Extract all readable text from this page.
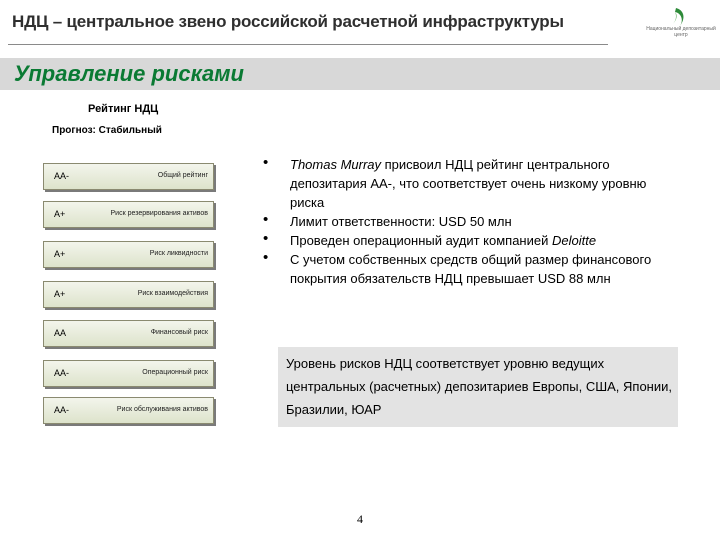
НДЦ – центральное звено российской расчетной инфраструктуры	Национальный депозитарный центр
Управление рисками
Рейтинг НДЦ
Прогноз: Стабильный
AA-	Общий рейтинг
A+	Риск резервирования активов
A+	Риск ликвидности
A+	Риск взаимодействия
AA	Финансовый риск
AA-	Операционный риск
AA-	Риск обслуживания активов
• Thomas Murray присвоил НДЦ рейтинг центрального депозитария AA-, что соответствует очень низкому уровню риска
• Лимит ответственности: USD 50 млн
• Проведен операционный аудит компанией Deloitte
• С учетом собственных средств общий размер финансового покрытия обязательств НДЦ превышает USD 88 млн
Уровень рисков НДЦ соответствует уровню ведущих центральных (расчетных) депозитариев Европы, США, Японии, Бразилии, ЮАР
4
